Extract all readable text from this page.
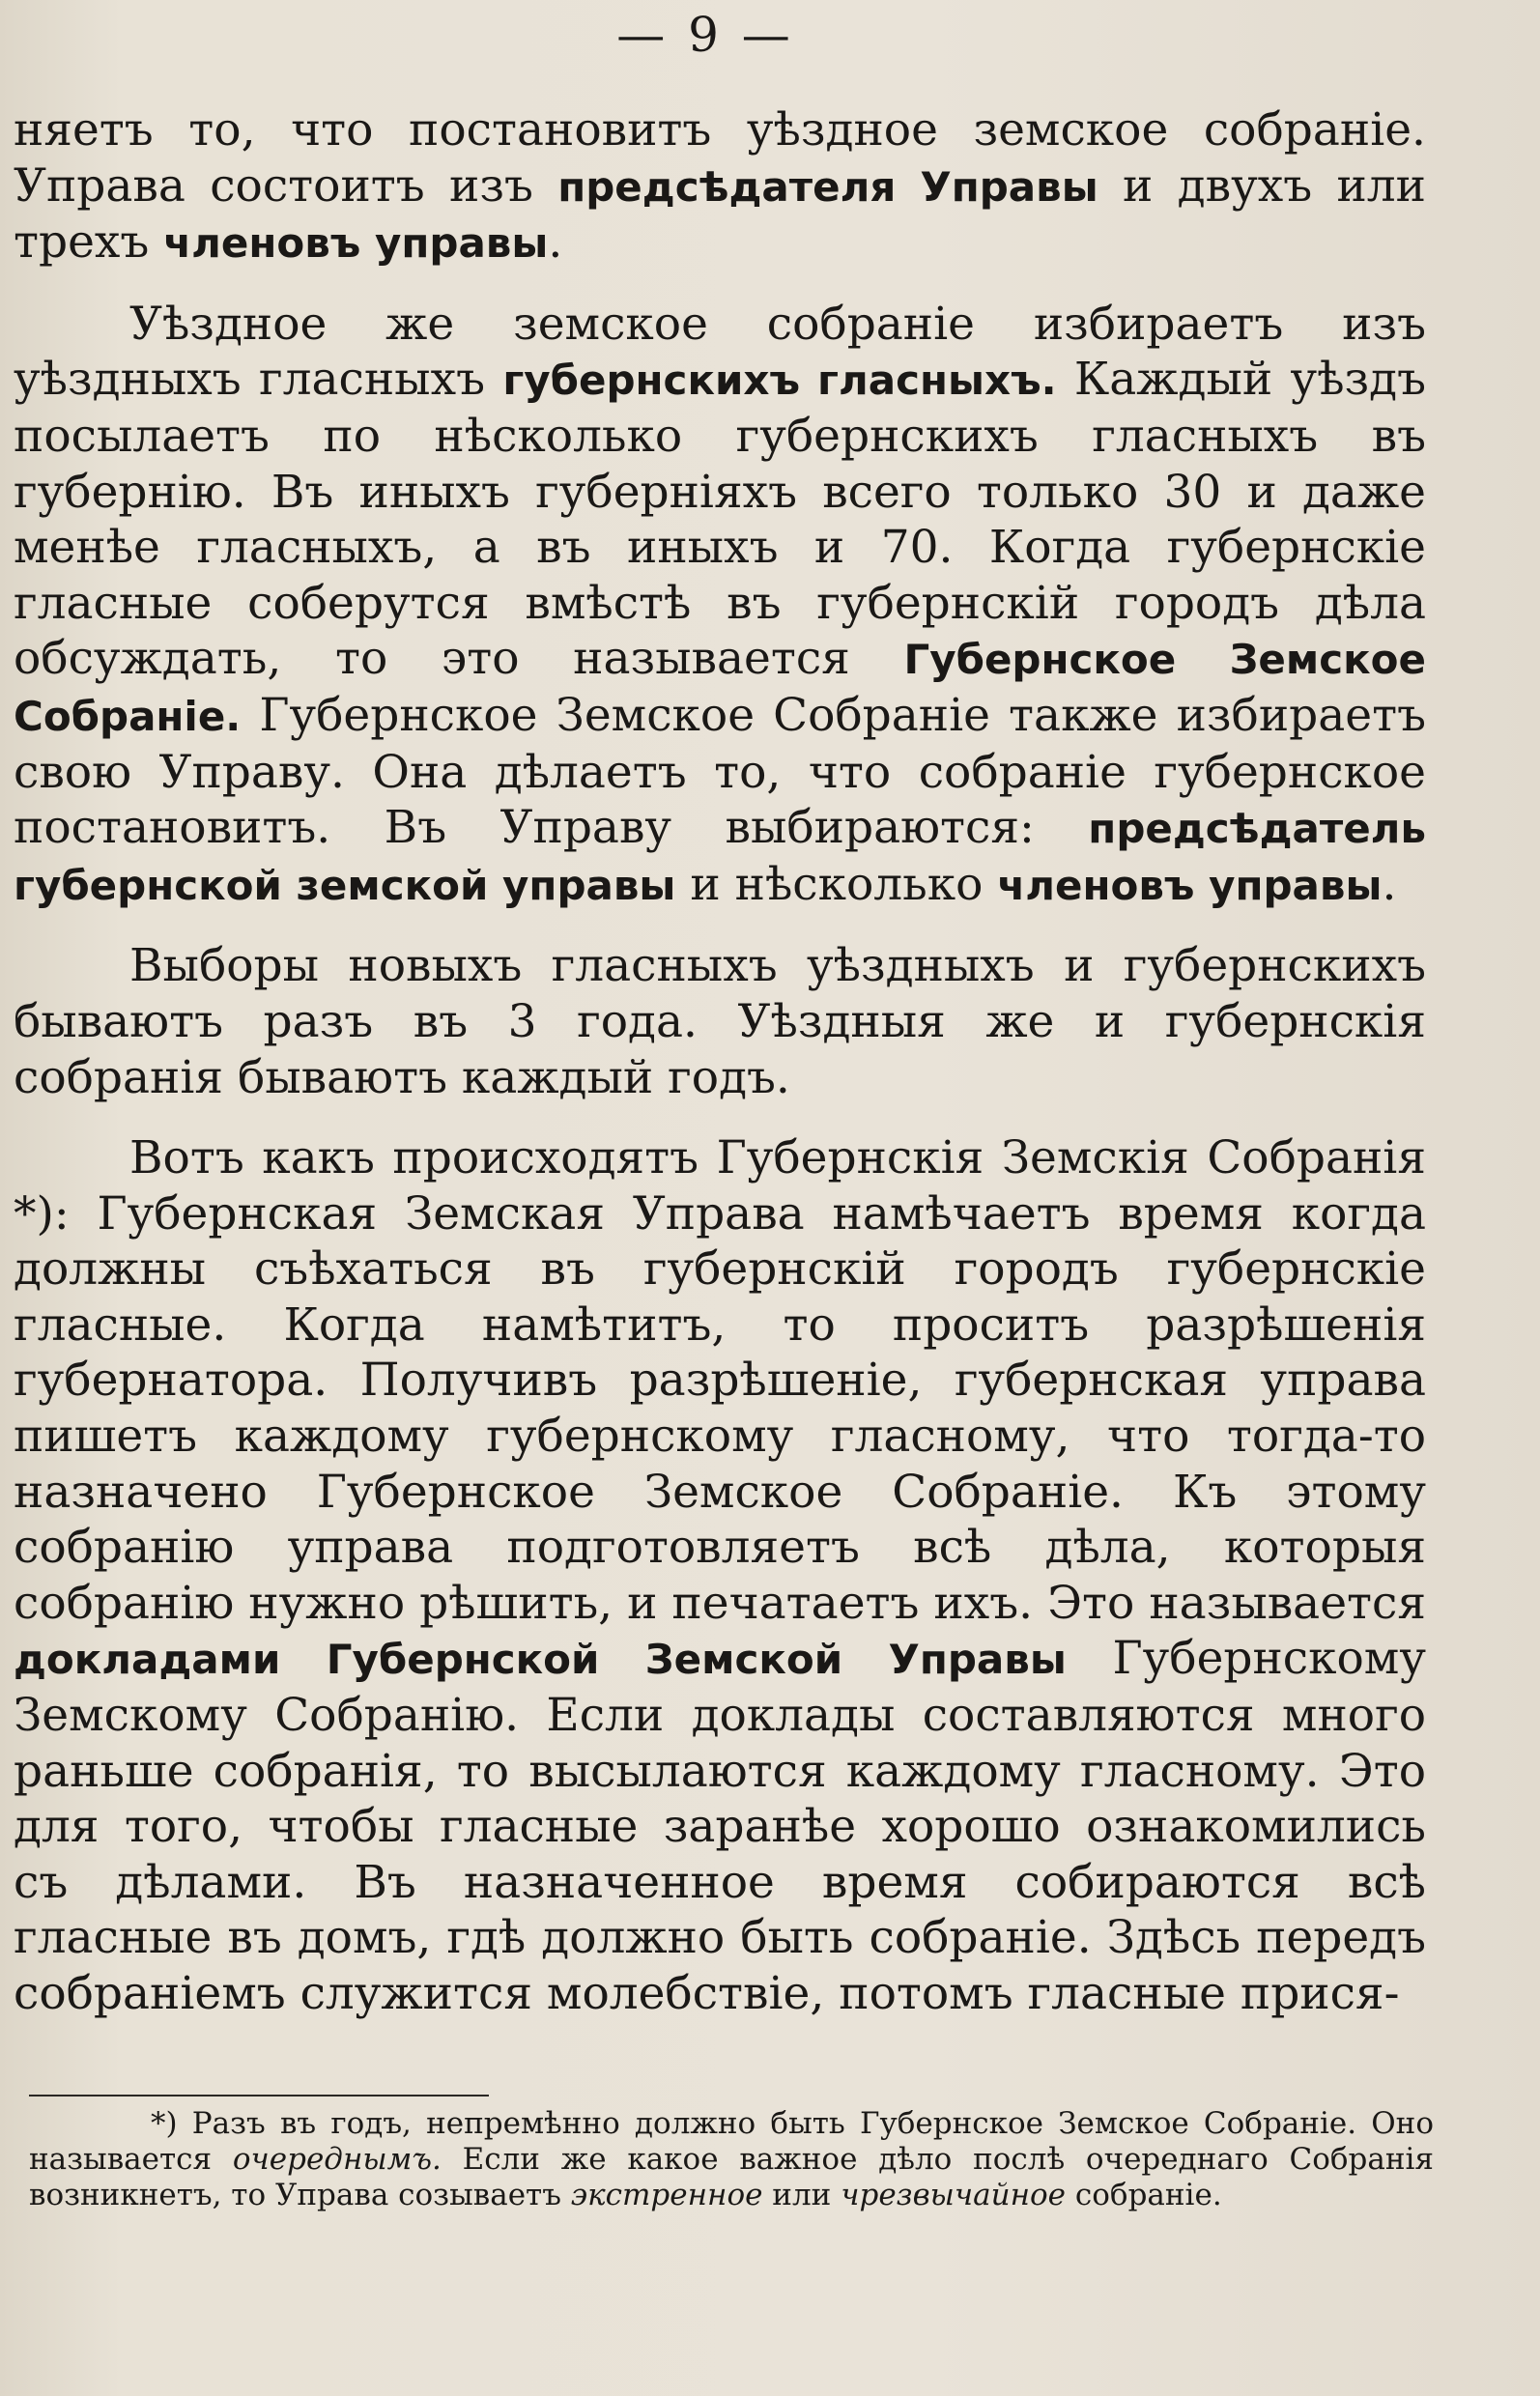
— 9 —

няетъ то, что постановитъ уѣздное земское собраніе. Управа состоитъ изъ предсѣдателя Управы и двухъ или трехъ членовъ управы.

Уѣздное же земское собраніе избираетъ изъ уѣздныхъ гласныхъ губернскихъ гласныхъ. Каждый уѣздъ посылаетъ по нѣсколько губернскихъ гласныхъ въ губернію. Въ иныхъ губерніяхъ всего только 30 и даже менѣе гласныхъ, а въ иныхъ и 70. Когда губернскіе гласные соберутся вмѣстѣ въ губернскій городъ дѣла обсуждать, то это называется Губернское Земское Собраніе. Губернское Земское Собраніе также избираетъ свою Управу. Она дѣлаетъ то, что собраніе губернское постановитъ. Въ Управу выбираются: предсѣдатель губернской земской управы и нѣсколько членовъ управы.

Выборы новыхъ гласныхъ уѣздныхъ и губернскихъ бываютъ разъ въ 3 года. Уѣздныя же и губернскія собранія бываютъ каждый годъ.

Вотъ какъ происходятъ Губернскія Земскія Собранія *): Губернская Земская Управа намѣчаетъ время когда должны съѣхаться въ губернскій городъ губернскіе гласные. Когда намѣтитъ, то проситъ разрѣшенія губернатора. Получивъ разрѣшеніе, губернская управа пишетъ каждому губернскому гласному, что тогда-то назначено Губернское Земское Собраніе. Къ этому собранію управа подготовляетъ всѣ дѣла, которыя собранію нужно рѣшить, и печатаетъ ихъ. Это называется докладами Губернской Земской Управы Губернскому Земскому Собранію. Если доклады составляются много раньше собранія, то высылаются каждому гласному. Это для того, чтобы гласные заранѣе хорошо ознакомились съ дѣлами. Въ назначенное время собираются всѣ гласные въ домъ, гдѣ должно быть собраніе. Здѣсь передъ собраніемъ служится молебствіе, потомъ гласные прися-

*) Разъ въ годъ, непремѣнно должно быть Губернское Земское Собраніе. Оно называется очереднымъ. Если же какое важное дѣло послѣ очереднаго Собранія возникнетъ, то Управа созываетъ экстренное или чрезвычайное собраніе.
